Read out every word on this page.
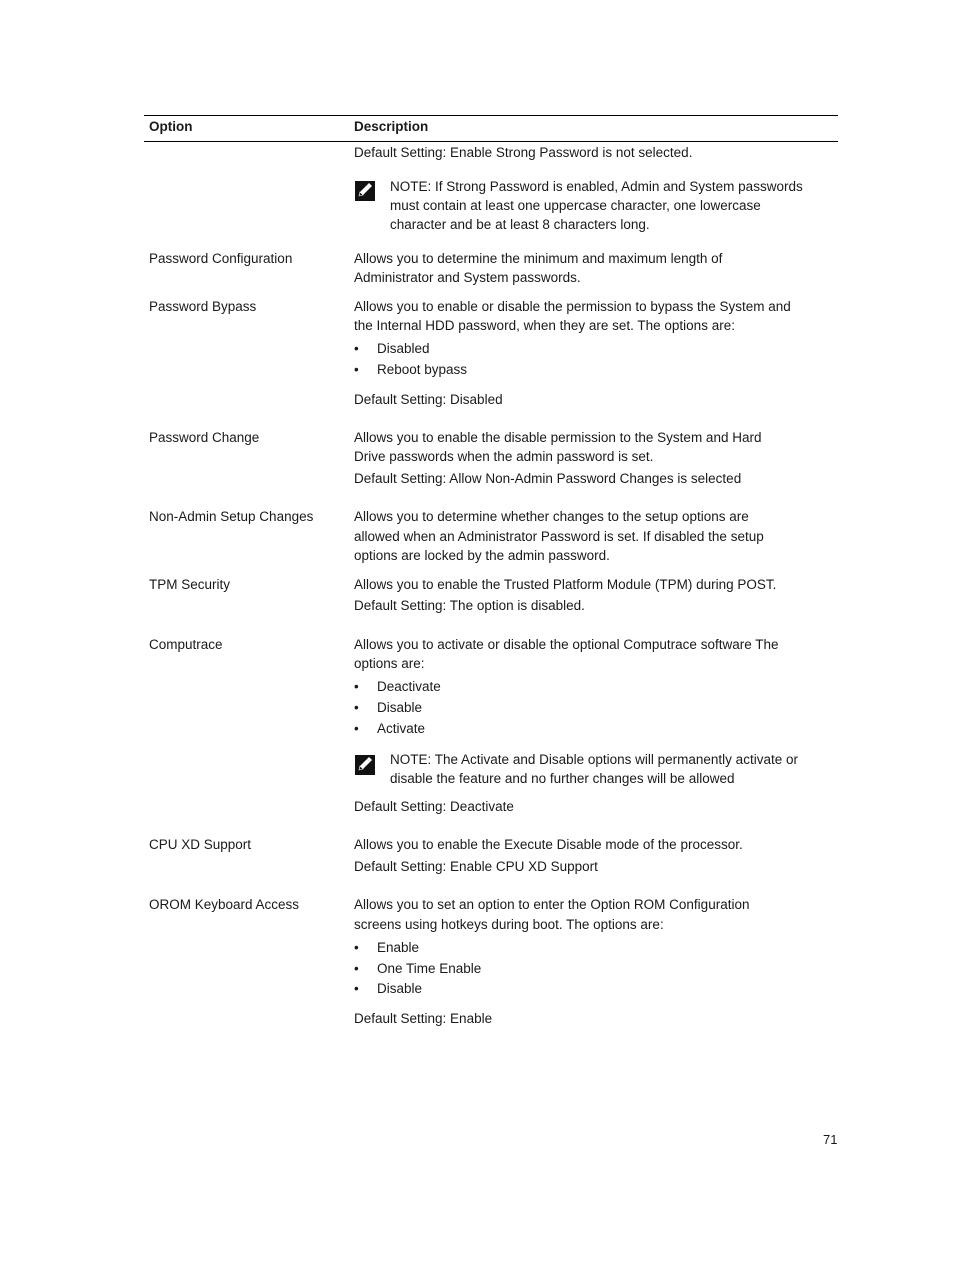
Option	Description
Default Setting: Enable Strong Password is not selected.
NOTE: If Strong Password is enabled, Admin and System passwords
must contain at least one uppercase character, one lowercase
character and be at least 8 characters long.
Password Configuration	Allows you to determine the minimum and maximum length of
Administrator and System passwords.
Password Bypass	Allows you to enable or disable the permission to bypass the System and
the Internal HDD password, when they are set. The options are:
• Disabled
• Reboot bypass
Default Setting: Disabled
Password Change	Allows you to enable the disable permission to the System and Hard
Drive passwords when the admin password is set.
Default Setting: Allow Non-Admin Password Changes is selected
Non-Admin Setup Changes	Allows you to determine whether changes to the setup options are
allowed when an Administrator Password is set. If disabled the setup
options are locked by the admin password.
TPM Security	Allows you to enable the Trusted Platform Module (TPM) during POST.
Default Setting: The option is disabled.
Computrace	Allows you to activate or disable the optional Computrace software The
options are:
• Deactivate
• Disable
• Activate
NOTE: The Activate and Disable options will permanently activate or
disable the feature and no further changes will be allowed
Default Setting: Deactivate
CPU XD Support	Allows you to enable the Execute Disable mode of the processor.
Default Setting: Enable CPU XD Support
OROM Keyboard Access	Allows you to set an option to enter the Option ROM Configuration
screens using hotkeys during boot. The options are:
• Enable
• One Time Enable
• Disable
Default Setting: Enable
71
